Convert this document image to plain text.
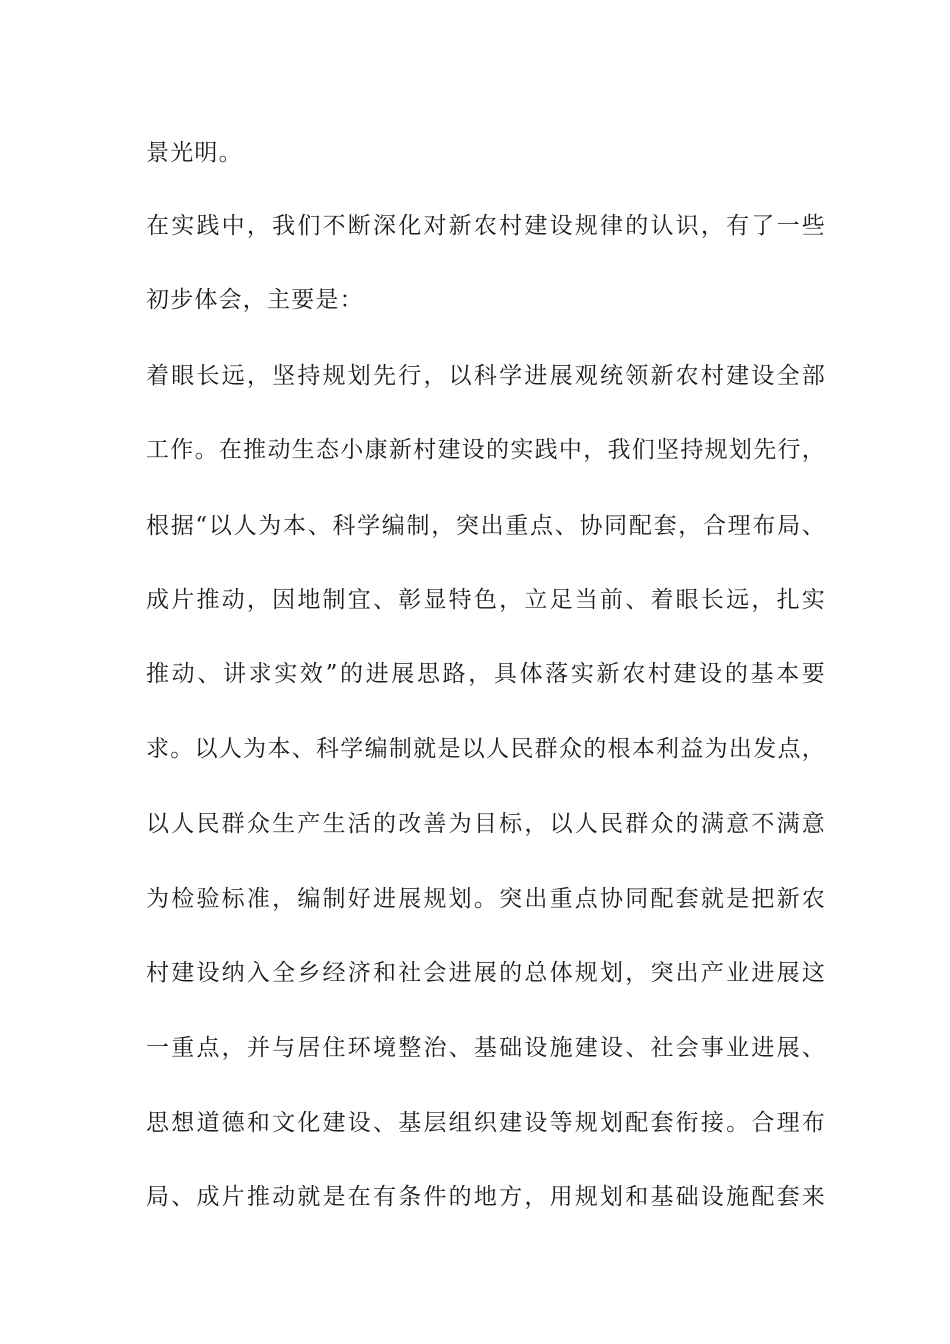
景光明。
在实践中，我们不断深化对新农村建设规律的认识，有了一些
初步体会，主要是：
着眼长远，坚持规划先行，以科学进展观统领新农村建设全部
工作。在推动生态小康新村建设的实践中，我们坚持规划先行，
根据“以人为本、科学编制，突出重点、协同配套，合理布局、
成片推动，因地制宜、彰显特色，立足当前、着眼长远，扎实
推动、讲求实效”的进展思路，具体落实新农村建设的基本要
求。以人为本、科学编制就是以人民群众的根本利益为出发点，
以人民群众生产生活的改善为目标，以人民群众的满意不满意
为检验标准，编制好进展规划。突出重点协同配套就是把新农
村建设纳入全乡经济和社会进展的总体规划，突出产业进展这
一重点，并与居住环境整治、基础设施建设、社会事业进展、
思想道德和文化建设、基层组织建设等规划配套衔接。合理布
局、成片推动就是在有条件的地方，用规划和基础设施配套来
